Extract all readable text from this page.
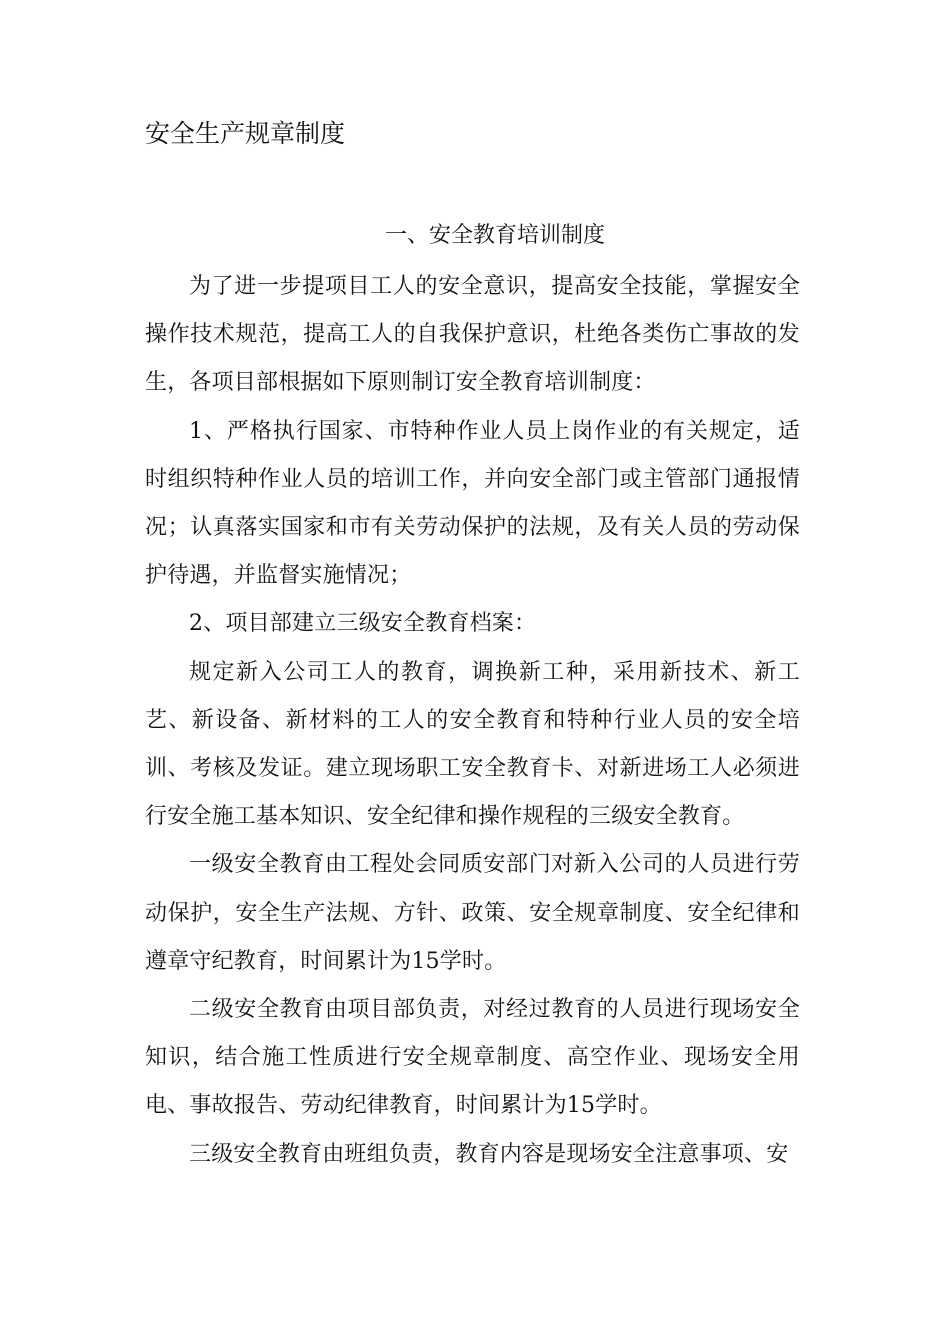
安全生产规章制度
一、安全教育培训制度

为了进一步提项目工人的安全意识，提高安全技能，掌握安全操作技术规范，提高工人的自我保护意识，杜绝各类伤亡事故的发生，各项目部根据如下原则制订安全教育培训制度：

1、严格执行国家、市特种作业人员上岗作业的有关规定，适时组织特种作业人员的培训工作，并向安全部门或主管部门通报情况；认真落实国家和市有关劳动保护的法规，及有关人员的劳动保护待遇，并监督实施情况；

2、项目部建立三级安全教育档案：

规定新入公司工人的教育，调换新工种，采用新技术、新工艺、新设备、新材料的工人的安全教育和特种行业人员的安全培训、考核及发证。建立现场职工安全教育卡、对新进场工人必须进行安全施工基本知识、安全纪律和操作规程的三级安全教育。

一级安全教育由工程处会同质安部门对新入公司的人员进行劳动保护，安全生产法规、方针、政策、安全规章制度、安全纪律和遵章守纪教育，时间累计为15学时。

二级安全教育由项目部负责，对经过教育的人员进行现场安全知识，结合施工性质进行安全规章制度、高空作业、现场安全用电、事故报告、劳动纪律教育，时间累计为15学时。

三级安全教育由班组负责，教育内容是现场安全注意事项、安
